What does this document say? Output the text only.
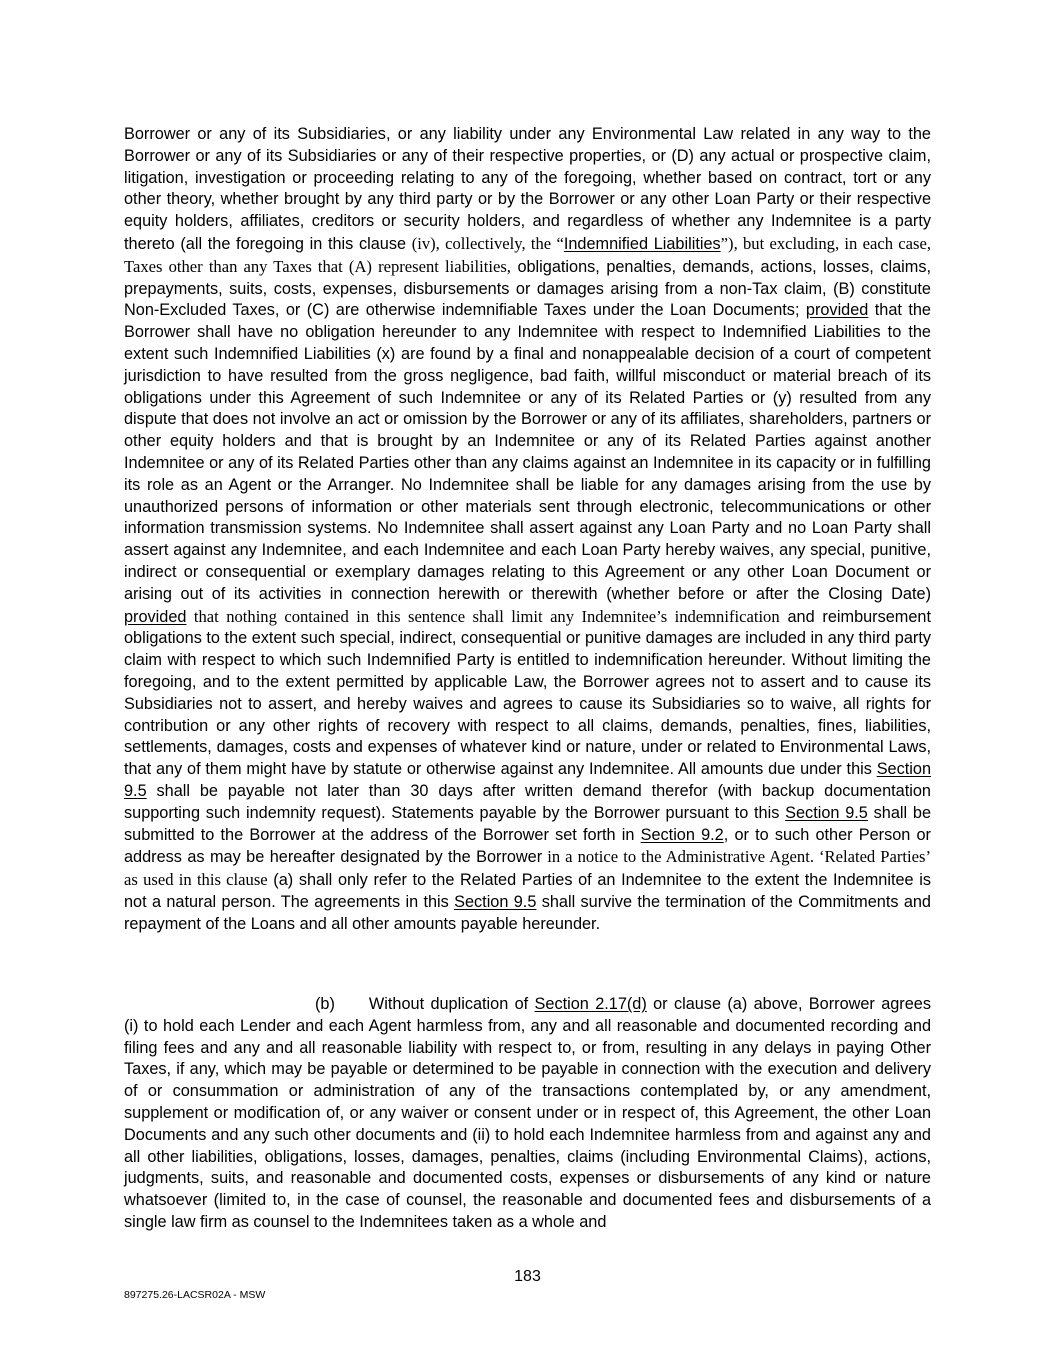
Borrower or any of its Subsidiaries, or any liability under any Environmental Law related in any way to the Borrower or any of its Subsidiaries or any of their respective properties, or (D) any actual or prospective claim, litigation, investigation or proceeding relating to any of the foregoing, whether based on contract, tort or any other theory, whether brought by any third party or by the Borrower or any other Loan Party or their respective equity holders, affiliates, creditors or security holders, and regardless of whether any Indemnitee is a party thereto (all the foregoing in this clause (iv), collectively, the “Indemnified Liabilities”), but excluding, in each case, Taxes other than any Taxes that (A) represent liabilities, obligations, penalties, demands, actions, losses, claims, prepayments, suits, costs, expenses, disbursements or damages arising from a non-Tax claim, (B) constitute Non-Excluded Taxes, or (C) are otherwise indemnifiable Taxes under the Loan Documents; provided that the Borrower shall have no obligation hereunder to any Indemnitee with respect to Indemnified Liabilities to the extent such Indemnified Liabilities (x) are found by a final and nonappealable decision of a court of competent jurisdiction to have resulted from the gross negligence, bad faith, willful misconduct or material breach of its obligations under this Agreement of such Indemnitee or any of its Related Parties or (y) resulted from any dispute that does not involve an act or omission by the Borrower or any of its affiliates, shareholders, partners or other equity holders and that is brought by an Indemnitee or any of its Related Parties against another Indemnitee or any of its Related Parties other than any claims against an Indemnitee in its capacity or in fulfilling its role as an Agent or the Arranger. No Indemnitee shall be liable for any damages arising from the use by unauthorized persons of information or other materials sent through electronic, telecommunications or other information transmission systems. No Indemnitee shall assert against any Loan Party and no Loan Party shall assert against any Indemnitee, and each Indemnitee and each Loan Party hereby waives, any special, punitive, indirect or consequential or exemplary damages relating to this Agreement or any other Loan Document or arising out of its activities in connection herewith or therewith (whether before or after the Closing Date) provided that nothing contained in this sentence shall limit any Indemnitee’s indemnification and reimbursement obligations to the extent such special, indirect, consequential or punitive damages are included in any third party claim with respect to which such Indemnified Party is entitled to indemnification hereunder. Without limiting the foregoing, and to the extent permitted by applicable Law, the Borrower agrees not to assert and to cause its Subsidiaries not to assert, and hereby waives and agrees to cause its Subsidiaries so to waive, all rights for contribution or any other rights of recovery with respect to all claims, demands, penalties, fines, liabilities, settlements, damages, costs and expenses of whatever kind or nature, under or related to Environmental Laws, that any of them might have by statute or otherwise against any Indemnitee. All amounts due under this Section 9.5 shall be payable not later than 30 days after written demand therefor (with backup documentation supporting such indemnity request). Statements payable by the Borrower pursuant to this Section 9.5 shall be submitted to the Borrower at the address of the Borrower set forth in Section 9.2, or to such other Person or address as may be hereafter designated by the Borrower in a notice to the Administrative Agent. ‘Related Parties’ as used in this clause (a) shall only refer to the Related Parties of an Indemnitee to the extent the Indemnitee is not a natural person. The agreements in this Section 9.5 shall survive the termination of the Commitments and repayment of the Loans and all other amounts payable hereunder.

(b) Without duplication of Section 2.17(d) or clause (a) above, Borrower agrees (i) to hold each Lender and each Agent harmless from, any and all reasonable and documented recording and filing fees and any and all reasonable liability with respect to, or from, resulting in any delays in paying Other Taxes, if any, which may be payable or determined to be payable in connection with the execution and delivery of or consummation or administration of any of the transactions contemplated by, or any amendment, supplement or modification of, or any waiver or consent under or in respect of, this Agreement, the other Loan Documents and any such other documents and (ii) to hold each Indemnitee harmless from and against any and all other liabilities, obligations, losses, damages, penalties, claims (including Environmental Claims), actions, judgments, suits, and reasonable and documented costs, expenses or disbursements of any kind or nature whatsoever (limited to, in the case of counsel, the reasonable and documented fees and disbursements of a single law firm as counsel to the Indemnitees taken as a whole and

183
897275.26-LACSR02A - MSW
